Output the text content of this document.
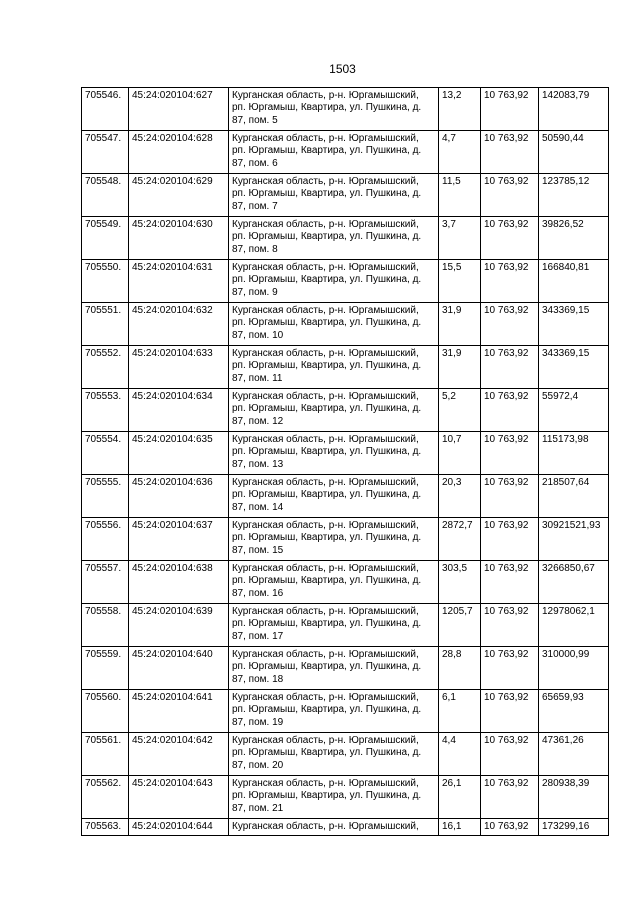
1503
705546.	45:24:020104:627	Курганская область, р-н. Юргамышский, рп. Юргамыш, Квартира, ул. Пушкина, д. 87, пом. 5	13,2	10 763,92	142083,79
705547.	45:24:020104:628	Курганская область, р-н. Юргамышский, рп. Юргамыш, Квартира, ул. Пушкина, д. 87, пом. 6	4,7	10 763,92	50590,44
705548.	45:24:020104:629	Курганская область, р-н. Юргамышский, рп. Юргамыш, Квартира, ул. Пушкина, д. 87, пом. 7	11,5	10 763,92	123785,12
705549.	45:24:020104:630	Курганская область, р-н. Юргамышский, рп. Юргамыш, Квартира, ул. Пушкина, д. 87, пом. 8	3,7	10 763,92	39826,52
705550.	45:24:020104:631	Курганская область, р-н. Юргамышский, рп. Юргамыш, Квартира, ул. Пушкина, д. 87, пом. 9	15,5	10 763,92	166840,81
705551.	45:24:020104:632	Курганская область, р-н. Юргамышский, рп. Юргамыш, Квартира, ул. Пушкина, д. 87, пом. 10	31,9	10 763,92	343369,15
705552.	45:24:020104:633	Курганская область, р-н. Юргамышский, рп. Юргамыш, Квартира, ул. Пушкина, д. 87, пом. 11	31,9	10 763,92	343369,15
705553.	45:24:020104:634	Курганская область, р-н. Юргамышский, рп. Юргамыш, Квартира, ул. Пушкина, д. 87, пом. 12	5,2	10 763,92	55972,4
705554.	45:24:020104:635	Курганская область, р-н. Юргамышский, рп. Юргамыш, Квартира, ул. Пушкина, д. 87, пом. 13	10,7	10 763,92	115173,98
705555.	45:24:020104:636	Курганская область, р-н. Юргамышский, рп. Юргамыш, Квартира, ул. Пушкина, д. 87, пом. 14	20,3	10 763,92	218507,64
705556.	45:24:020104:637	Курганская область, р-н. Юргамышский, рп. Юргамыш, Квартира, ул. Пушкина, д. 87, пом. 15	2872,7	10 763,92	30921521,93
705557.	45:24:020104:638	Курганская область, р-н. Юргамышский, рп. Юргамыш, Квартира, ул. Пушкина, д. 87, пом. 16	303,5	10 763,92	3266850,67
705558.	45:24:020104:639	Курганская область, р-н. Юргамышский, рп. Юргамыш, Квартира, ул. Пушкина, д. 87, пом. 17	1205,7	10 763,92	12978062,1
705559.	45:24:020104:640	Курганская область, р-н. Юргамышский, рп. Юргамыш, Квартира, ул. Пушкина, д. 87, пом. 18	28,8	10 763,92	310000,99
705560.	45:24:020104:641	Курганская область, р-н. Юргамышский, рп. Юргамыш, Квартира, ул. Пушкина, д. 87, пом. 19	6,1	10 763,92	65659,93
705561.	45:24:020104:642	Курганская область, р-н. Юргамышский, рп. Юргамыш, Квартира, ул. Пушкина, д. 87, пом. 20	4,4	10 763,92	47361,26
705562.	45:24:020104:643	Курганская область, р-н. Юргамышский, рп. Юргамыш, Квартира, ул. Пушкина, д. 87, пом. 21	26,1	10 763,92	280938,39
705563.	45:24:020104:644	Курганская область, р-н. Юргамышский,	16,1	10 763,92	173299,16
